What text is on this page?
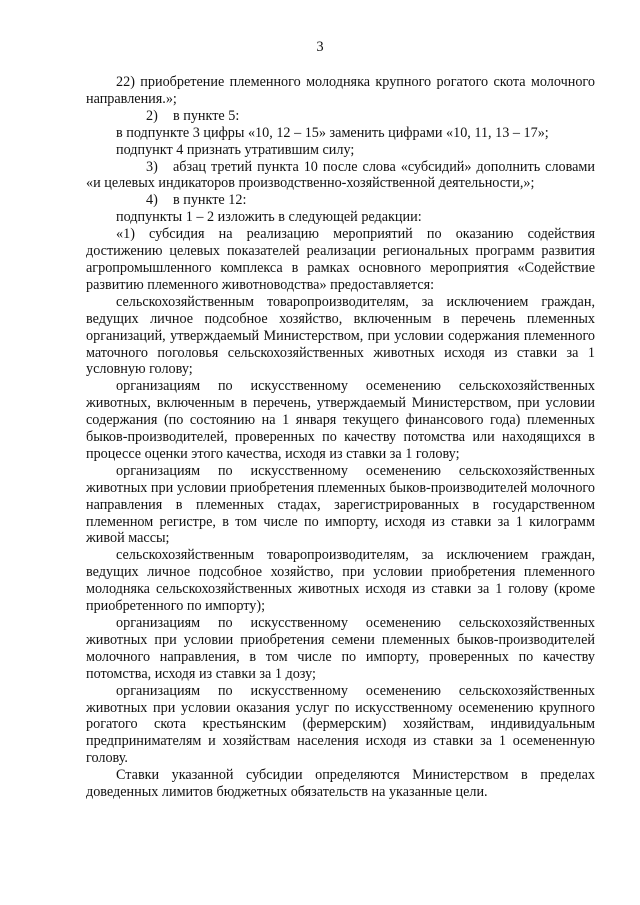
3

22) приобретение племенного молодняка крупного рогатого скота молочного направления.»;

2) в пункте 5:

в подпункте 3 цифры «10, 12 – 15» заменить цифрами «10, 11, 13 – 17»;

подпункт 4 признать утратившим силу;

3) абзац третий пункта 10 после слова «субсидий» дополнить словами «и целевых индикаторов производственно-хозяйственной деятельности,»;

4) в пункте 12:

подпункты 1 – 2 изложить в следующей редакции:

«1) субсидия на реализацию мероприятий по оказанию содействия достижению целевых показателей реализации региональных программ развития агропромышленного комплекса в рамках основного мероприятия «Содействие развитию племенного животноводства» предоставляется:

сельскохозяйственным товаропроизводителям, за исключением граждан, ведущих личное подсобное хозяйство, включенным в перечень племенных организаций, утверждаемый Министерством, при условии содержания племенного маточного поголовья сельскохозяйственных животных исходя из ставки за 1 условную голову;

организациям по искусственному осеменению сельскохозяйственных животных, включенным в перечень, утверждаемый Министерством, при условии содержания (по состоянию на 1 января текущего финансового года) племенных быков-производителей, проверенных по качеству потомства или находящихся в процессе оценки этого качества, исходя из ставки за 1 голову;

организациям по искусственному осеменению сельскохозяйственных животных при условии приобретения племенных быков-производителей молочного направления в племенных стадах, зарегистрированных в государственном племенном регистре, в том числе по импорту, исходя из ставки за 1 килограмм живой массы;

сельскохозяйственным товаропроизводителям, за исключением граждан, ведущих личное подсобное хозяйство, при условии приобретения племенного молодняка сельскохозяйственных животных исходя из ставки за 1 голову (кроме приобретенного по импорту);

организациям по искусственному осеменению сельскохозяйственных животных при условии приобретения семени племенных быков-производителей молочного направления, в том числе по импорту, проверенных по качеству потомства, исходя из ставки за 1 дозу;

организациям по искусственному осеменению сельскохозяйственных животных при условии оказания услуг по искусственному осеменению крупного рогатого скота крестьянским (фермерским) хозяйствам, индивидуальным предпринимателям и хозяйствам населения исходя из ставки за 1 осемененную голову.

Ставки указанной субсидии определяются Министерством в пределах доведенных лимитов бюджетных обязательств на указанные цели.
